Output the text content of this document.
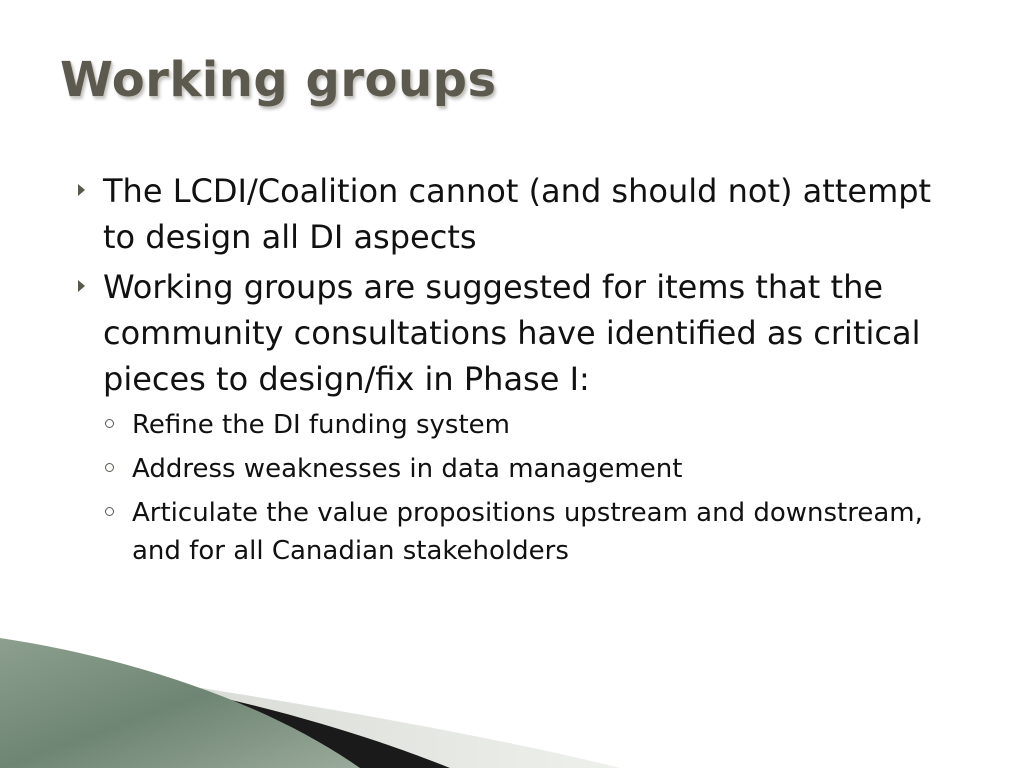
Working groups
The LCDI/Coalition cannot (and should not) attempt to design all DI aspects
Working groups are suggested for items that the community consultations have identified as critical pieces to design/fix in Phase I:
Refine the DI funding system
Address weaknesses in data management
Articulate the value propositions upstream and downstream, and for all Canadian stakeholders
